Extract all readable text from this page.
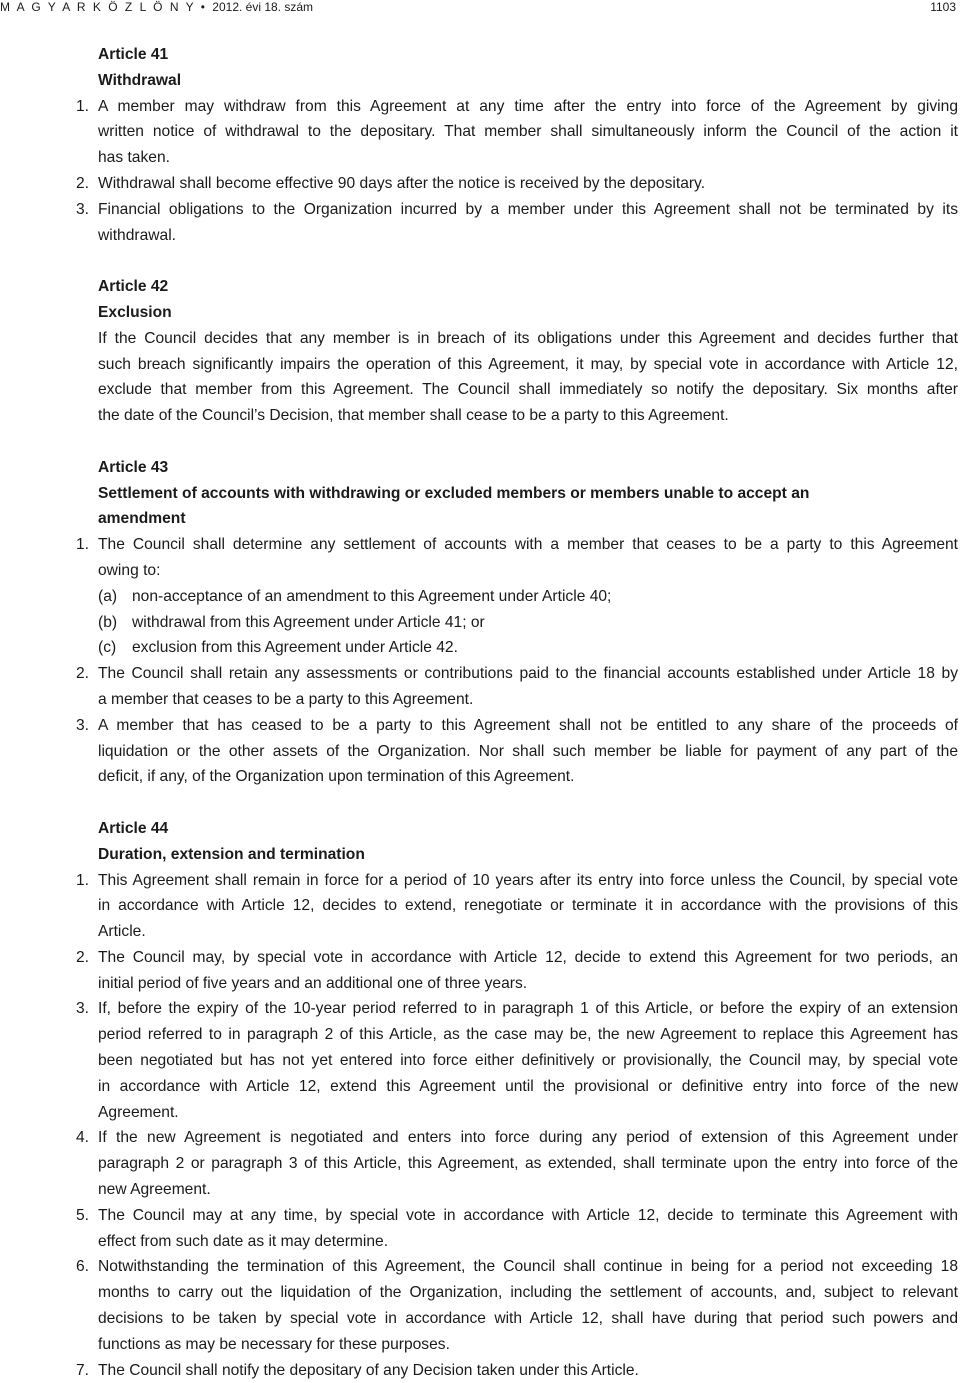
M A G Y A R K Ö Z L Ö N Y • 2012. évi 18. szám	1103
Article 41
Withdrawal
1. A member may withdraw from this Agreement at any time after the entry into force of the Agreement by giving
written notice of withdrawal to the depositary. That member shall simultaneously inform the Council of the action it
has taken.
2. Withdrawal shall become effective 90 days after the notice is received by the depositary.
3. Financial obligations to the Organization incurred by a member under this Agreement shall not be terminated by its
withdrawal.
Article 42
Exclusion
If the Council decides that any member is in breach of its obligations under this Agreement and decides further that
such breach significantly impairs the operation of this Agreement, it may, by special vote in accordance with Article 12,
exclude that member from this Agreement. The Council shall immediately so notify the depositary. Six months after
the date of the Council’s Decision, that member shall cease to be a party to this Agreement.
Article 43
Settlement of accounts with withdrawing or excluded members or members unable to accept an
amendment
1. The Council shall determine any settlement of accounts with a member that ceases to be a party to this Agreement
owing to:
(a) non-acceptance of an amendment to this Agreement under Article 40;
(b) withdrawal from this Agreement under Article 41; or
(c) exclusion from this Agreement under Article 42.
2. The Council shall retain any assessments or contributions paid to the financial accounts established under Article 18 by
a member that ceases to be a party to this Agreement.
3. A member that has ceased to be a party to this Agreement shall not be entitled to any share of the proceeds of
liquidation or the other assets of the Organization. Nor shall such member be liable for payment of any part of the
deficit, if any, of the Organization upon termination of this Agreement.
Article 44
Duration, extension and termination
1. This Agreement shall remain in force for a period of 10 years after its entry into force unless the Council, by special vote
in accordance with Article 12, decides to extend, renegotiate or terminate it in accordance with the provisions of this
Article.
2. The Council may, by special vote in accordance with Article 12, decide to extend this Agreement for two periods, an
initial period of five years and an additional one of three years.
3. If, before the expiry of the 10-year period referred to in paragraph 1 of this Article, or before the expiry of an extension
period referred to in paragraph 2 of this Article, as the case may be, the new Agreement to replace this Agreement has
been negotiated but has not yet entered into force either definitively or provisionally, the Council may, by special vote
in accordance with Article 12, extend this Agreement until the provisional or definitive entry into force of the new
Agreement.
4. If the new Agreement is negotiated and enters into force during any period of extension of this Agreement under
paragraph 2 or paragraph 3 of this Article, this Agreement, as extended, shall terminate upon the entry into force of the
new Agreement.
5. The Council may at any time, by special vote in accordance with Article 12, decide to terminate this Agreement with
effect from such date as it may determine.
6. Notwithstanding the termination of this Agreement, the Council shall continue in being for a period not exceeding 18
months to carry out the liquidation of the Organization, including the settlement of accounts, and, subject to relevant
decisions to be taken by special vote in accordance with Article 12, shall have during that period such powers and
functions as may be necessary for these purposes.
7. The Council shall notify the depositary of any Decision taken under this Article.
